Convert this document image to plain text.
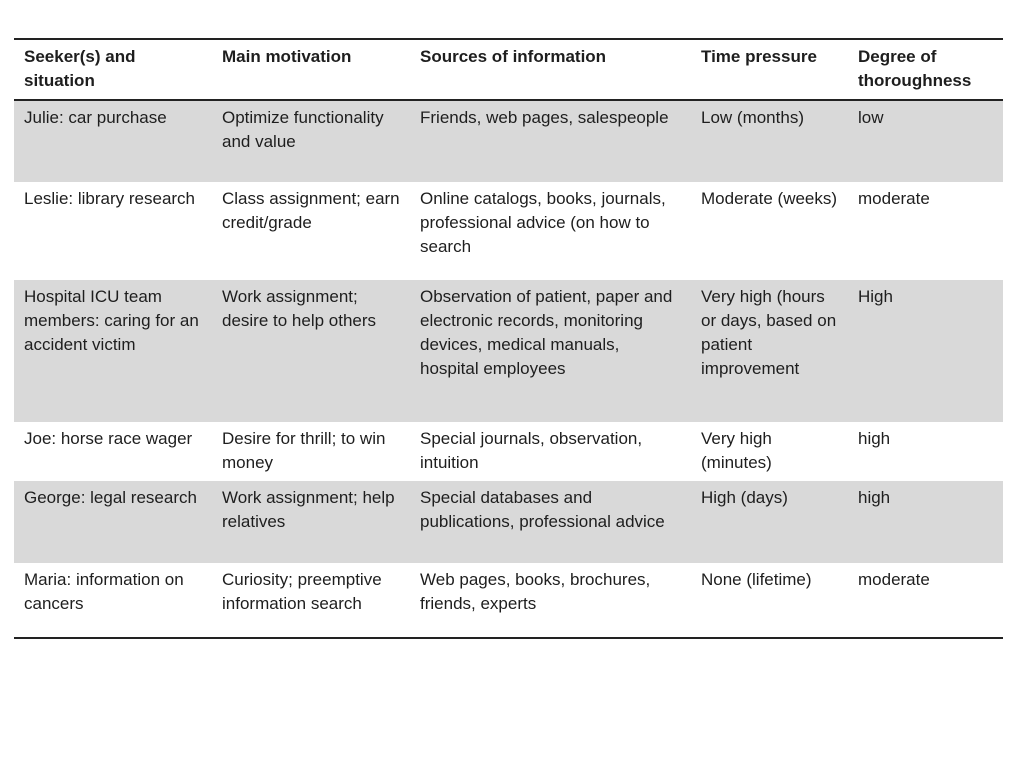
Seeker(s) and situation	Main motivation	Sources of information	Time pressure	Degree of thoroughness
Julie: car purchase	Optimize functionality and value	Friends, web pages, salespeople	Low (months)	low
Leslie: library research	Class assignment; earn credit/grade	Online catalogs, books, journals, professional advice (on how to search	Moderate (weeks)	moderate
Hospital ICU team members: caring for an accident victim	Work assignment; desire to help others	Observation of patient, paper and electronic records, monitoring devices, medical manuals, hospital employees	Very high (hours or days, based on patient improvement	High
Joe: horse race wager	Desire for thrill; to win money	Special journals, observation, intuition	Very high (minutes)	high
George: legal research	Work assignment; help relatives	Special databases and publications, professional advice	High (days)	high
Maria: information on cancers	Curiosity; preemptive information search	Web pages, books, brochures, friends, experts	None (lifetime)	moderate
